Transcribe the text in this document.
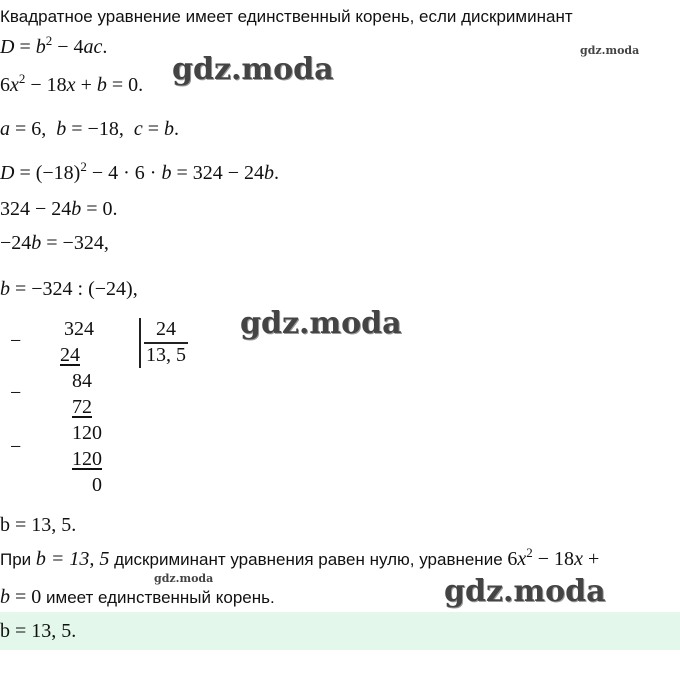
Квадратное уравнение имеет единственный корень, если дискриминант
gdz.moda
$D = b^2 - 4ac$.
gdz.moda
$6x^2 - 18x + b = 0$.
a = 6,  b = −18,  c = b.
$D = (-18)^2 - 4 \cdot 6 \cdot b = 324 - 24b$.
324 − 24b = 0.
−24b = −324,
b = −324 : (−24),
−
−
−
324
24
84
72
120
120
0
24
13, 5
gdz.moda
b = 13, 5.
При b = 13, 5 дискриминант уравнения равен нулю, уравнение $6x^2 - 18x$ +
gdz.moda
b = 0 имеет единственный корень.	gdz.moda
b = 13, 5.
